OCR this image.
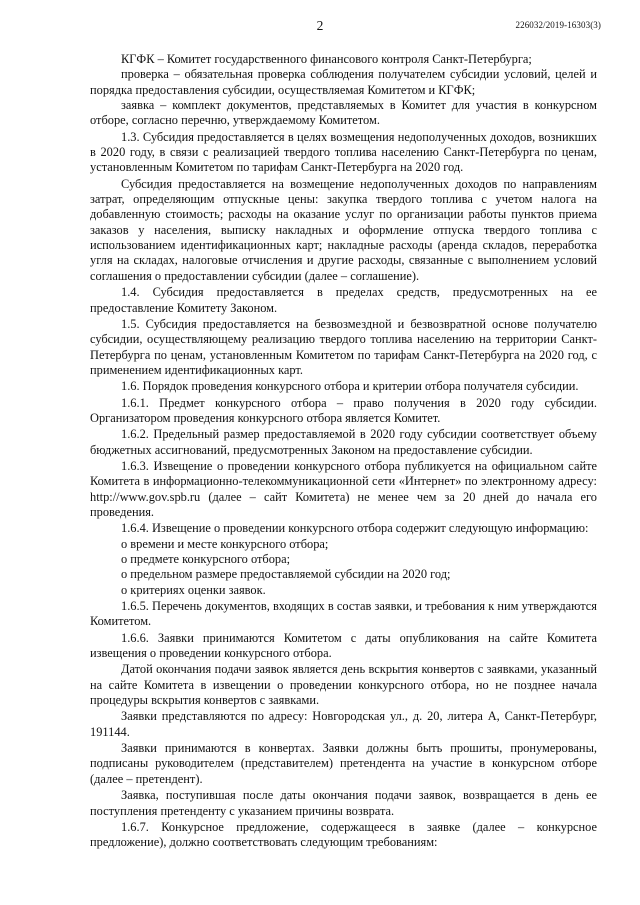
2	226032/2019-16303(3)

КГФК – Комитет государственного финансового контроля Санкт-Петербурга;

проверка – обязательная проверка соблюдения получателем субсидии условий, целей и порядка предоставления субсидии, осуществляемая Комитетом и КГФК;

заявка – комплект документов, представляемых в Комитет для участия в конкурсном отборе, согласно перечню, утверждаемому Комитетом.

1.3. Субсидия предоставляется в целях возмещения недополученных доходов, возникших в 2020 году, в связи с реализацией твердого топлива населению Санкт-Петербурга по ценам, установленным Комитетом по тарифам Санкт-Петербурга на 2020 год.

Субсидия предоставляется на возмещение недополученных доходов по направлениям затрат, определяющим отпускные цены: закупка твердого топлива с учетом налога на добавленную стоимость; расходы на оказание услуг по организации работы пунктов приема заказов у населения, выписку накладных и оформление отпуска твердого топлива с использованием идентификационных карт; накладные расходы (аренда складов, переработка угля на складах, налоговые отчисления и другие расходы, связанные с выполнением условий соглашения о предоставлении субсидии (далее – соглашение).

1.4. Субсидия предоставляется в пределах средств, предусмотренных на ее предоставление Комитету Законом.

1.5. Субсидия предоставляется на безвозмездной и безвозвратной основе получателю субсидии, осуществляющему реализацию твердого топлива населению на территории Санкт-Петербурга по ценам, установленным Комитетом по тарифам Санкт-Петербурга на 2020 год, с применением идентификационных карт.

1.6. Порядок проведения конкурсного отбора и критерии отбора получателя субсидии.

1.6.1. Предмет конкурсного отбора – право получения в 2020 году субсидии. Организатором проведения конкурсного отбора является Комитет.

1.6.2. Предельный размер предоставляемой в 2020 году субсидии соответствует объему бюджетных ассигнований, предусмотренных Законом на предоставление субсидии.

1.6.3. Извещение о проведении конкурсного отбора публикуется на официальном сайте Комитета в информационно-телекоммуникационной сети «Интернет» по электронному адресу: http://www.gov.spb.ru (далее – сайт Комитета) не менее чем за 20 дней до начала его проведения.

1.6.4. Извещение о проведении конкурсного отбора содержит следующую информацию:

о времени и месте конкурсного отбора;

о предмете конкурсного отбора;

о предельном размере предоставляемой субсидии на 2020 год;

о критериях оценки заявок.

1.6.5. Перечень документов, входящих в состав заявки, и требования к ним утверждаются Комитетом.

1.6.6. Заявки принимаются Комитетом с даты опубликования на сайте Комитета извещения о проведении конкурсного отбора.

Датой окончания подачи заявок является день вскрытия конвертов с заявками, указанный на сайте Комитета в извещении о проведении конкурсного отбора, но не позднее начала процедуры вскрытия конвертов с заявками.

Заявки представляются по адресу: Новгородская ул., д. 20, литера А, Санкт-Петербург, 191144.

Заявки принимаются в конвертах. Заявки должны быть прошиты, пронумерованы, подписаны руководителем (представителем) претендента на участие в конкурсном отборе (далее – претендент).

Заявка, поступившая после даты окончания подачи заявок, возвращается в день ее поступления претенденту с указанием причины возврата.

1.6.7. Конкурсное предложение, содержащееся в заявке (далее – конкурсное предложение), должно соответствовать следующим требованиям:
